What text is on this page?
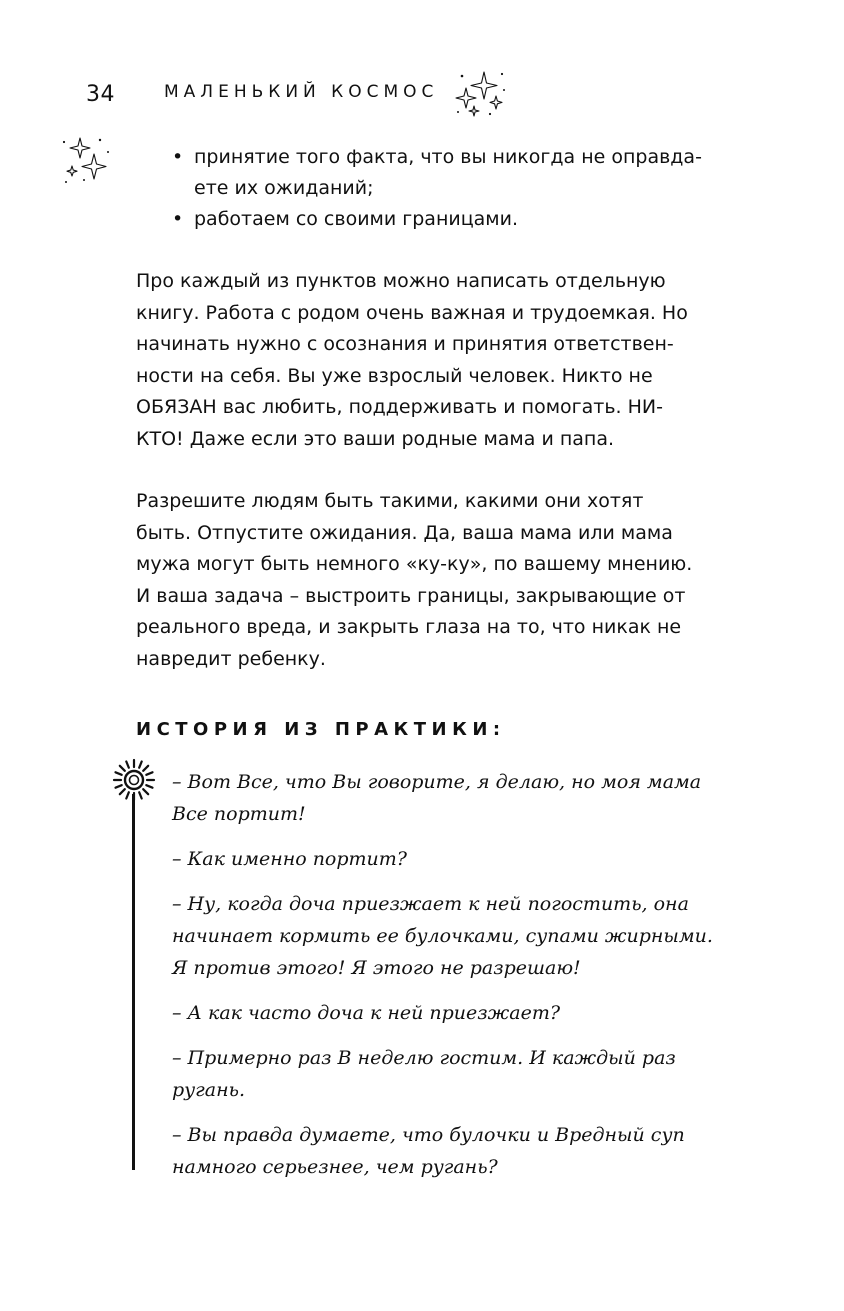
34	МАЛЕНЬКИЙ КОСМОС
• принятие того факта, что вы никогда не оправда-
ете их ожиданий;
• работаем со своими границами.

Про каждый из пунктов можно написать отдельную
книгу. Работа с родом очень важная и трудоемкая. Но
начинать нужно с осознания и принятия ответствен-
ности на себя. Вы уже взрослый человек. Никто не
ОБЯЗАН вас любить, поддерживать и помогать. НИ-
КТО! Даже если это ваши родные мама и папа.

Разрешите людям быть такими, какими они хотят
быть. Отпустите ожидания. Да, ваша мама или мама
мужа могут быть немного «ку-ку», по вашему мнению.
И ваша задача – выстроить границы, закрывающие от
реального вреда, и закрыть глаза на то, что никак не
навредит ребенку.

ИСТОРИЯ ИЗ ПРАКТИКИ:

– Вот Все, что Вы говорите, я делаю, но моя мама
Все портит!

– Как именно портит?

– Ну, когда доча приезжает к ней погостить, она
начинает кормить ее булочками, супами жирными.
Я против этого! Я этого не разрешаю!

– А как часто доча к ней приезжает?

– Примерно раз В неделю гостим. И каждый раз
ругань.

– Вы правда думаете, что булочки и Вредный суп
намного серьезнее, чем ругань?
